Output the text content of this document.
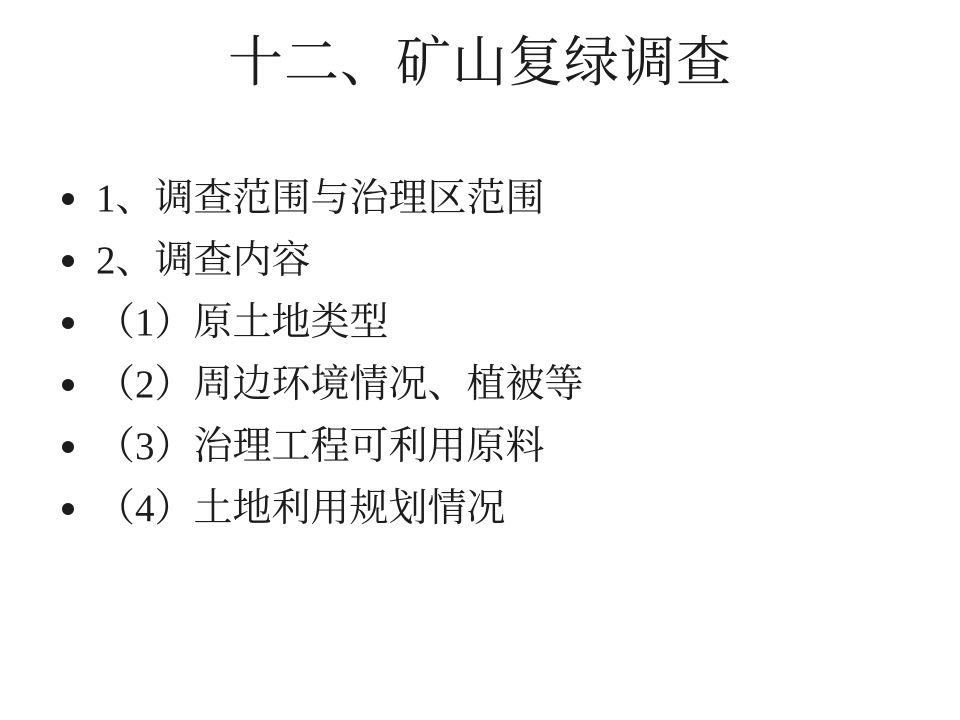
十二、矿山复绿调查
1、调查范围与治理区范围
2、调查内容
（1）原土地类型
（2）周边环境情况、植被等
（3）治理工程可利用原料
（4）土地利用规划情况
